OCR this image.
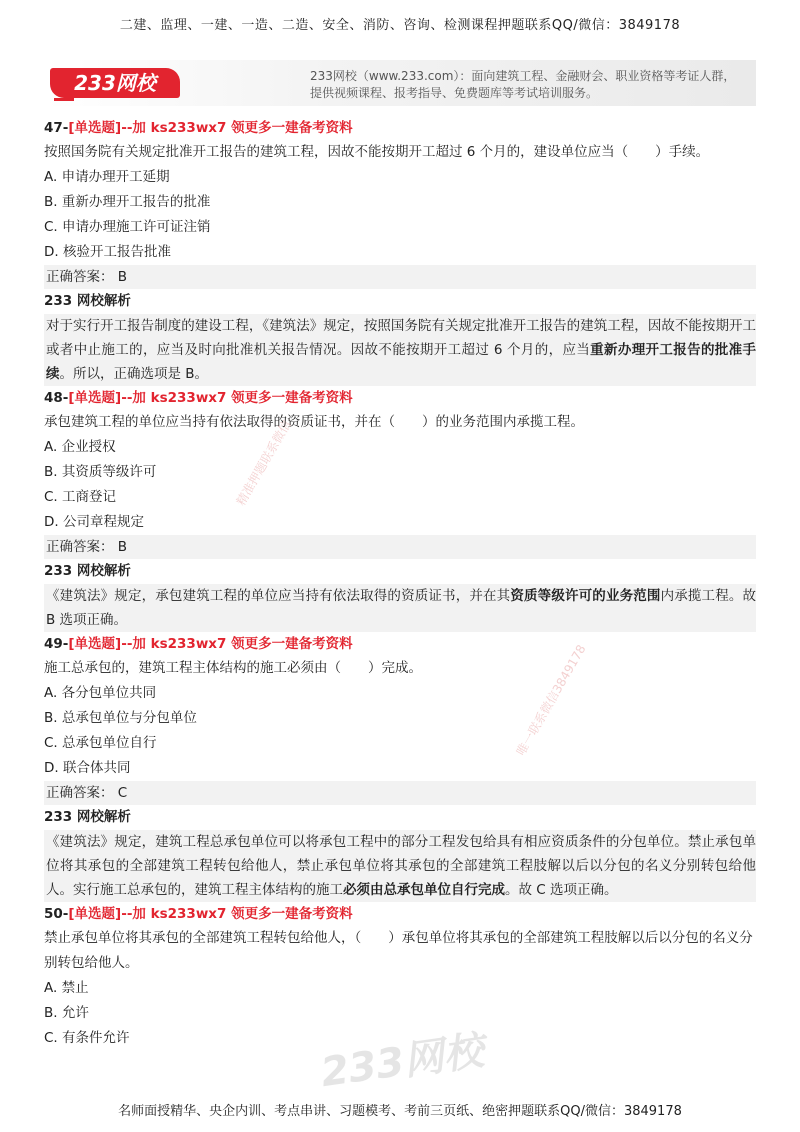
二建、监理、一建、一造、二造、安全、消防、咨询、检测课程押题联系QQ/微信：3849178
233网校	233网校（www.233.com）：面向建筑工程、金融财会、职业资格等考证人群，
提供视频课程、报考指导、免费题库等考试培训服务。
47-[单选题]--加 ks233wx7 领更多一建备考资料

按照国务院有关规定批准开工报告的建筑工程，因故不能按期开工超过 6 个月的，建设单位应当（　　）手续。

A. 申请办理开工延期
B. 重新办理开工报告的批准
C. 申请办理施工许可证注销
D. 核验开工报告批准
正确答案： B
233 网校解析

对于实行开工报告制度的建设工程，《建筑法》规定，按照国务院有关规定批准开工报告的建筑工程，因故不能按期开工或者中止施工的，应当及时向批准机关报告情况。因故不能按期开工超过 6 个月的，应当重新办理开工报告的批准手续。所以，正确选项是 B。

48-[单选题]--加 ks233wx7 领更多一建备考资料

承包建筑工程的单位应当持有依法取得的资质证书，并在（　　）的业务范围内承揽工程。

A. 企业授权
B. 其资质等级许可
C. 工商登记
D. 公司章程规定
正确答案： B
233 网校解析

《建筑法》规定，承包建筑工程的单位应当持有依法取得的资质证书，并在其资质等级许可的业务范围内承揽工程。故 B 选项正确。

49-[单选题]--加 ks233wx7 领更多一建备考资料

施工总承包的，建筑工程主体结构的施工必须由（　　）完成。

A. 各分包单位共同
B. 总承包单位与分包单位
C. 总承包单位自行
D. 联合体共同
正确答案： C
233 网校解析

《建筑法》规定，建筑工程总承包单位可以将承包工程中的部分工程发包给具有相应资质条件的分包单位。禁止承包单位将其承包的全部建筑工程转包给他人，禁止承包单位将其承包的全部建筑工程肢解以后以分包的名义分别转包给他人。实行施工总承包的，建筑工程主体结构的施工必须由总承包单位自行完成。故 C 选项正确。

50-[单选题]--加 ks233wx7 领更多一建备考资料

禁止承包单位将其承包的全部建筑工程转包给他人，（　　）承包单位将其承包的全部建筑工程肢解以后以分包的名义分别转包给他人。

A. 禁止
B. 允许
C. 有条件允许
精准押题联系微信
唯一联系微信3849178
233网校
名师面授精华、央企内训、考点串讲、习题模考、考前三页纸、绝密押题联系QQ/微信：3849178
